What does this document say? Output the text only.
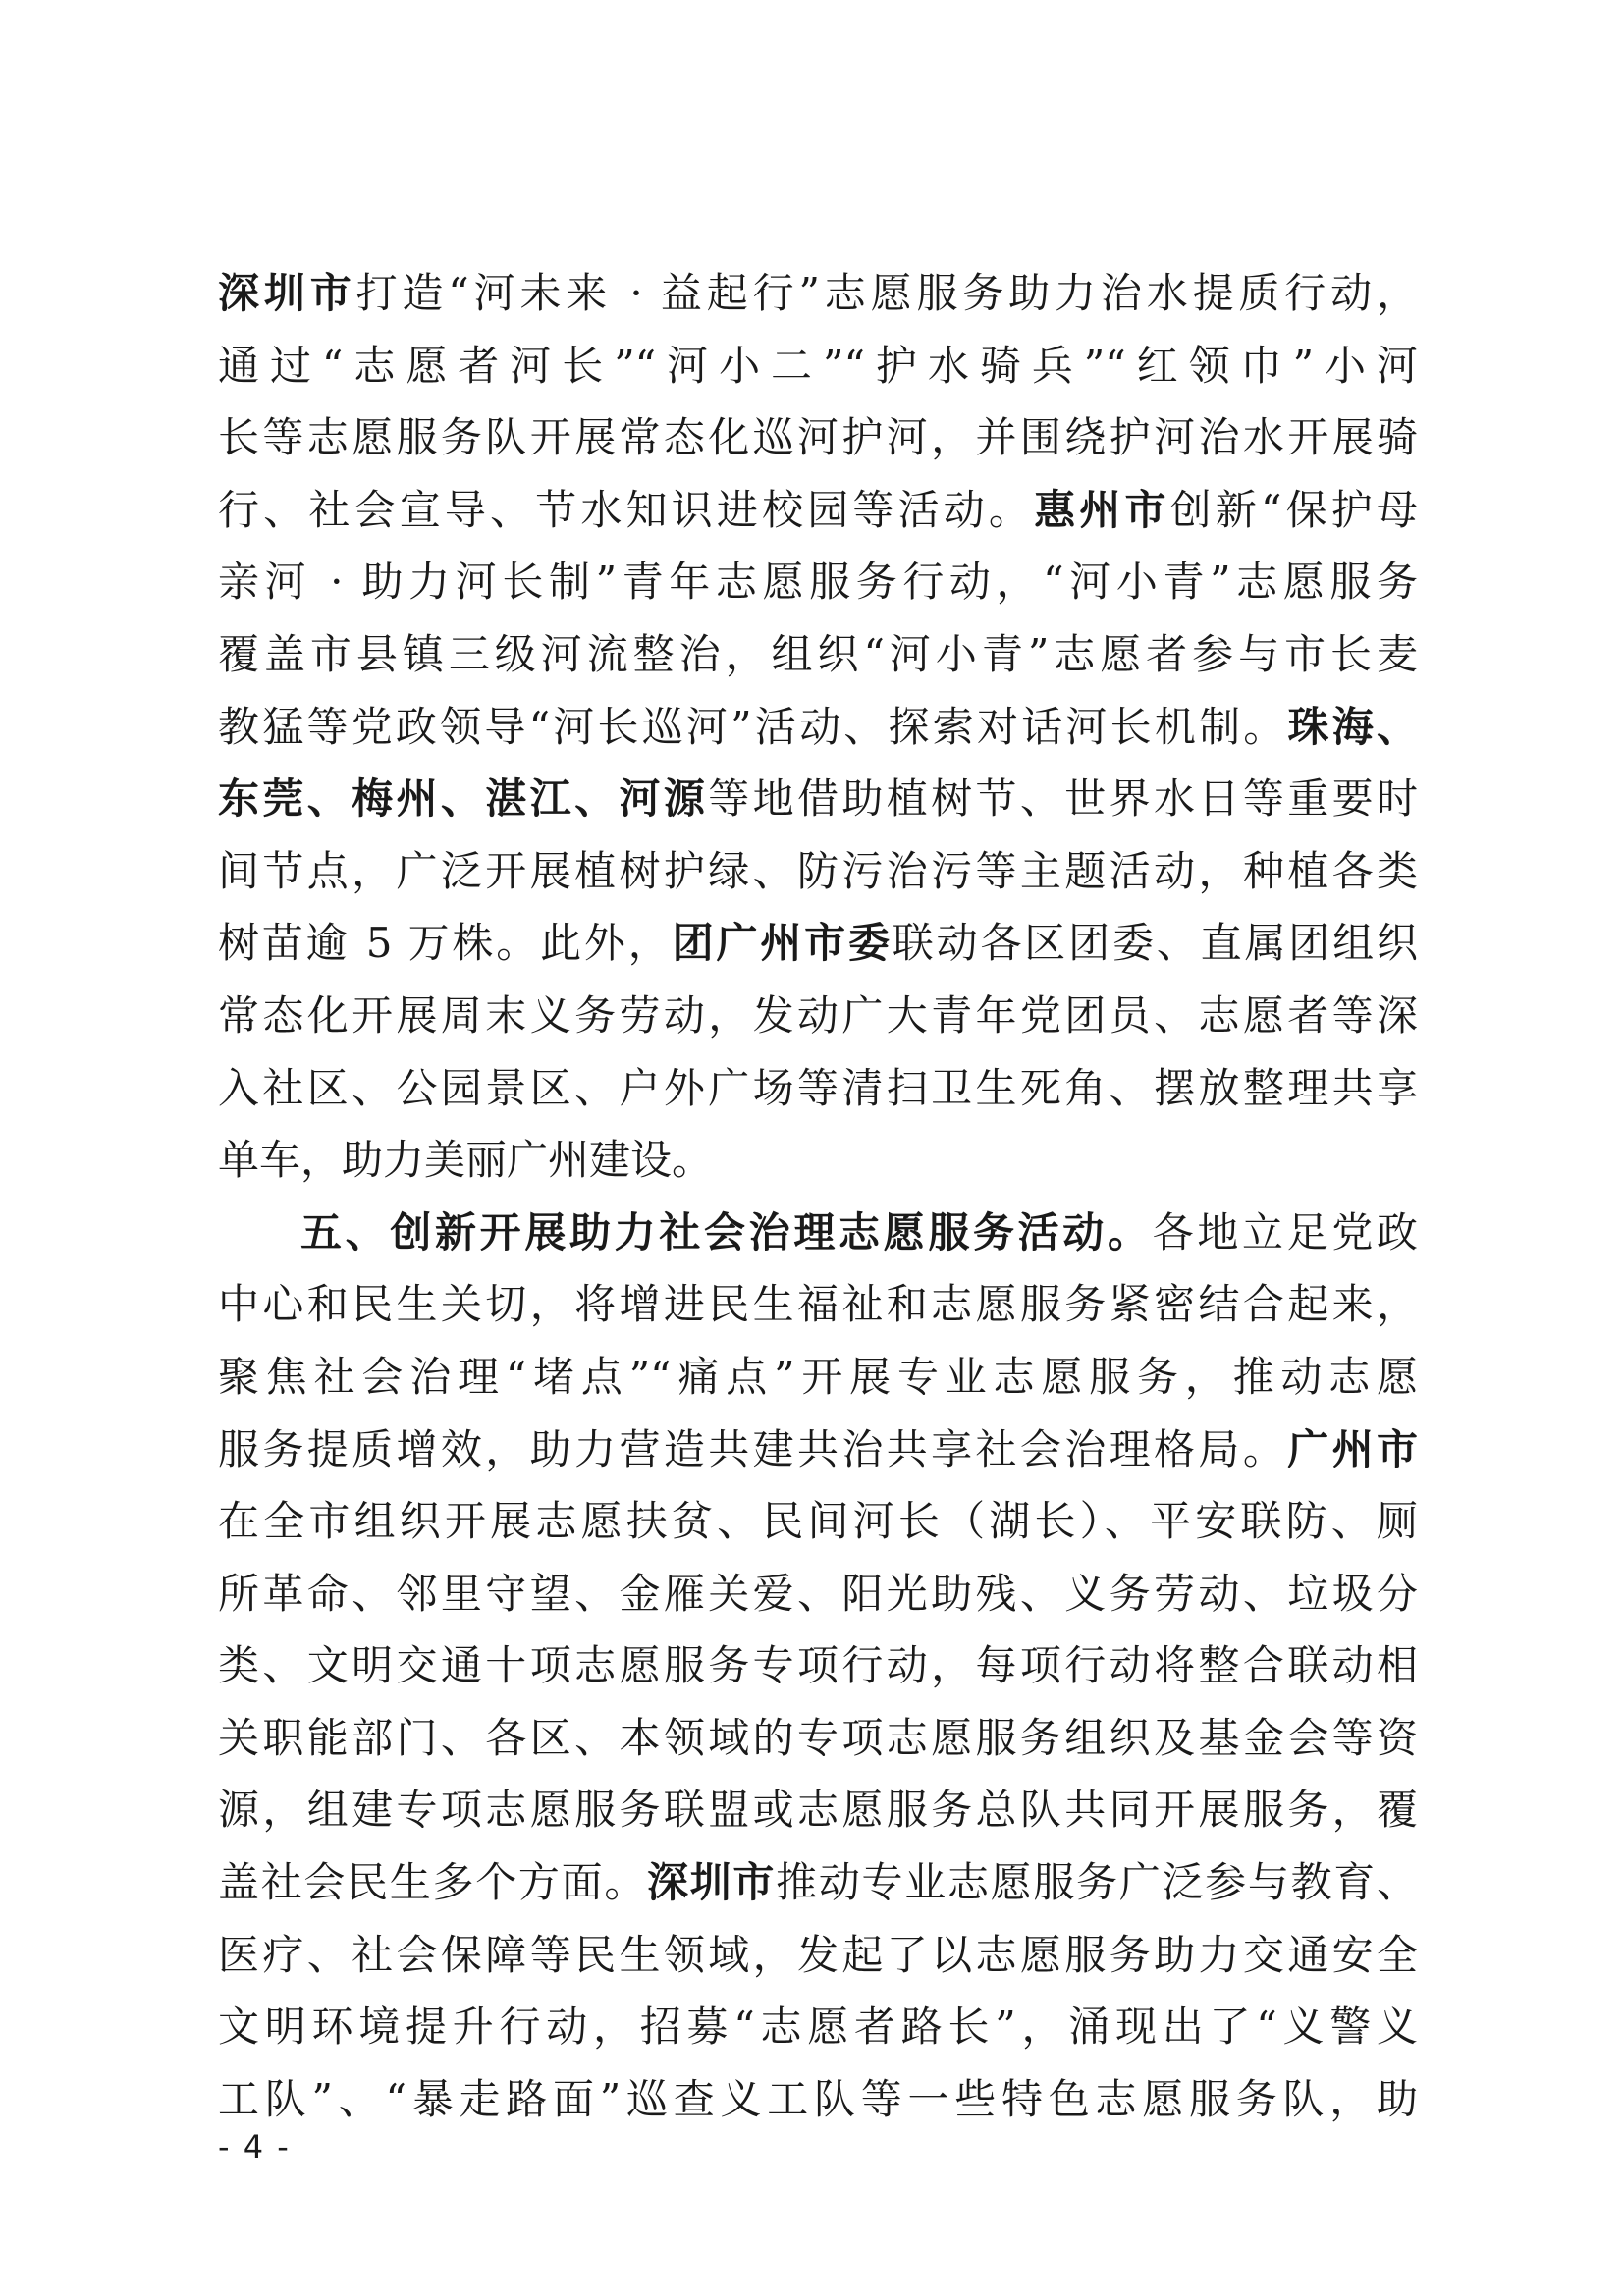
深圳市打造“河未来 · 益起行”志愿服务助力治水提质行动，
通过“志愿者河长”“河小二”“护水骑兵”“红领巾”小河
长等志愿服务队开展常态化巡河护河，并围绕护河治水开展骑
行、社会宣导、节水知识进校园等活动。惠州市创新“保护母
亲河 · 助力河长制”青年志愿服务行动，“河小青”志愿服务
覆盖市县镇三级河流整治，组织“河小青”志愿者参与市长麦
教猛等党政领导“河长巡河”活动、探索对话河长机制。珠海、
东莞、梅州、湛江、河源等地借助植树节、世界水日等重要时
间节点，广泛开展植树护绿、防污治污等主题活动，种植各类
树苗逾 5 万株。此外，团广州市委联动各区团委、直属团组织
常态化开展周末义务劳动，发动广大青年党团员、志愿者等深
入社区、公园景区、户外广场等清扫卫生死角、摆放整理共享
单车，助力美丽广州建设。
五、创新开展助力社会治理志愿服务活动。各地立足党政
中心和民生关切，将增进民生福祉和志愿服务紧密结合起来，
聚焦社会治理“堵点”“痛点”开展专业志愿服务，推动志愿
服务提质增效，助力营造共建共治共享社会治理格局。广州市
在全市组织开展志愿扶贫、民间河长（湖长）、平安联防、厕
所革命、邻里守望、金雁关爱、阳光助残、义务劳动、垃圾分
类、文明交通十项志愿服务专项行动，每项行动将整合联动相
关职能部门、各区、本领域的专项志愿服务组织及基金会等资
源，组建专项志愿服务联盟或志愿服务总队共同开展服务，覆
盖社会民生多个方面。深圳市推动专业志愿服务广泛参与教育、
医疗、社会保障等民生领域，发起了以志愿服务助力交通安全
文明环境提升行动，招募“志愿者路长”，涌现出了“义警义
工队”、“暴走路面”巡查义工队等一些特色志愿服务队，助
- 4 -
